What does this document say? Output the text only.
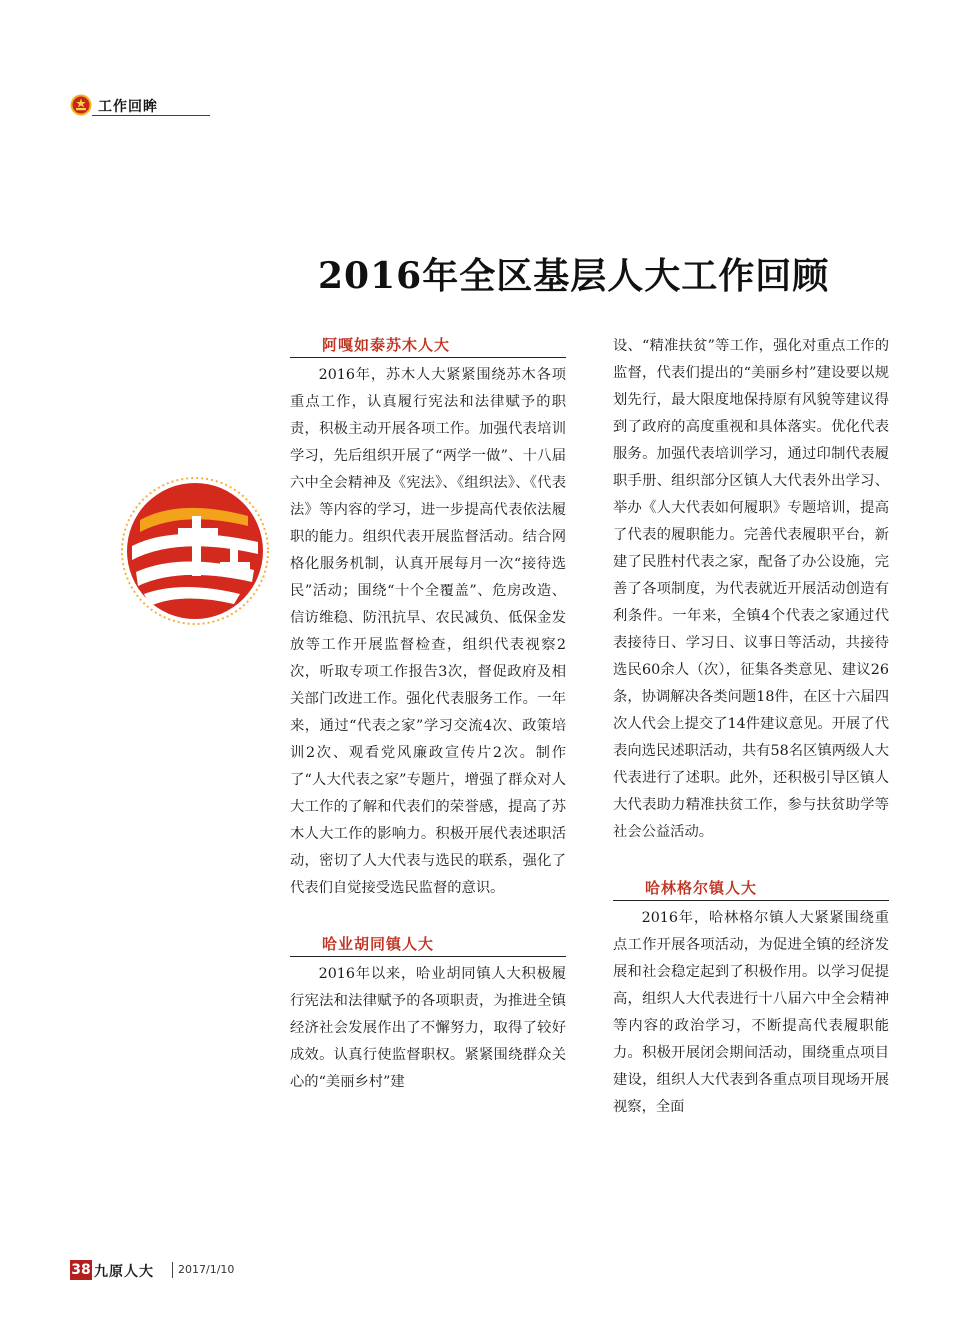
工作回眸
2016年全区基层人大工作回顾
阿嘎如泰苏木人大

2016年，苏木人大紧紧围绕苏木各项重点工作，认真履行宪法和法律赋予的职责，积极主动开展各项工作。加强代表培训学习，先后组织开展了“两学一做”、十八届六中全会精神及《宪法》、《组织法》、《代表法》等内容的学习，进一步提高代表依法履职的能力。组织代表开展监督活动。结合网格化服务机制，认真开展每月一次“接待选民”活动；围绕“十个全覆盖”、危房改造、信访维稳、防汛抗旱、农民减负、低保金发放等工作开展监督检查，组织代表视察2次，听取专项工作报告3次，督促政府及相关部门改进工作。强化代表服务工作。一年来，通过“代表之家”学习交流4次、政策培训2次、观看党风廉政宣传片2次。制作了“人大代表之家”专题片，增强了群众对人大工作的了解和代表们的荣誉感，提高了苏木人大工作的影响力。积极开展代表述职活动，密切了人大代表与选民的联系，强化了代表们自觉接受选民监督的意识。

哈业胡同镇人大

2016年以来，哈业胡同镇人大积极履行宪法和法律赋予的各项职责，为推进全镇经济社会发展作出了不懈努力，取得了较好成效。认真行使监督职权。紧紧围绕群众关心的“美丽乡村”建

设、“精准扶贫”等工作，强化对重点工作的监督，代表们提出的“美丽乡村”建设要以规划先行，最大限度地保持原有风貌等建议得到了政府的高度重视和具体落实。优化代表服务。加强代表培训学习，通过印制代表履职手册、组织部分区镇人大代表外出学习、举办《人大代表如何履职》专题培训，提高了代表的履职能力。完善代表履职平台，新建了民胜村代表之家，配备了办公设施，完善了各项制度，为代表就近开展活动创造有利条件。一年来，全镇4个代表之家通过代表接待日、学习日、议事日等活动，共接待选民60余人（次），征集各类意见、建议26条，协调解决各类问题18件，在区十六届四次人代会上提交了14件建议意见。开展了代表向选民述职活动，共有58名区镇两级人大代表进行了述职。此外，还积极引导区镇人大代表助力精准扶贫工作，参与扶贫助学等社会公益活动。

哈林格尔镇人大

2016年，哈林格尔镇人大紧紧围绕重点工作开展各项活动，为促进全镇的经济发展和社会稳定起到了积极作用。以学习促提高，组织人大代表进行十八届六中全会精神等内容的政治学习，不断提高代表履职能力。积极开展闭会期间活动，围绕重点项目建设，组织人大代表到各重点项目现场开展视察，全面

38 九原人大 2017/1/10
